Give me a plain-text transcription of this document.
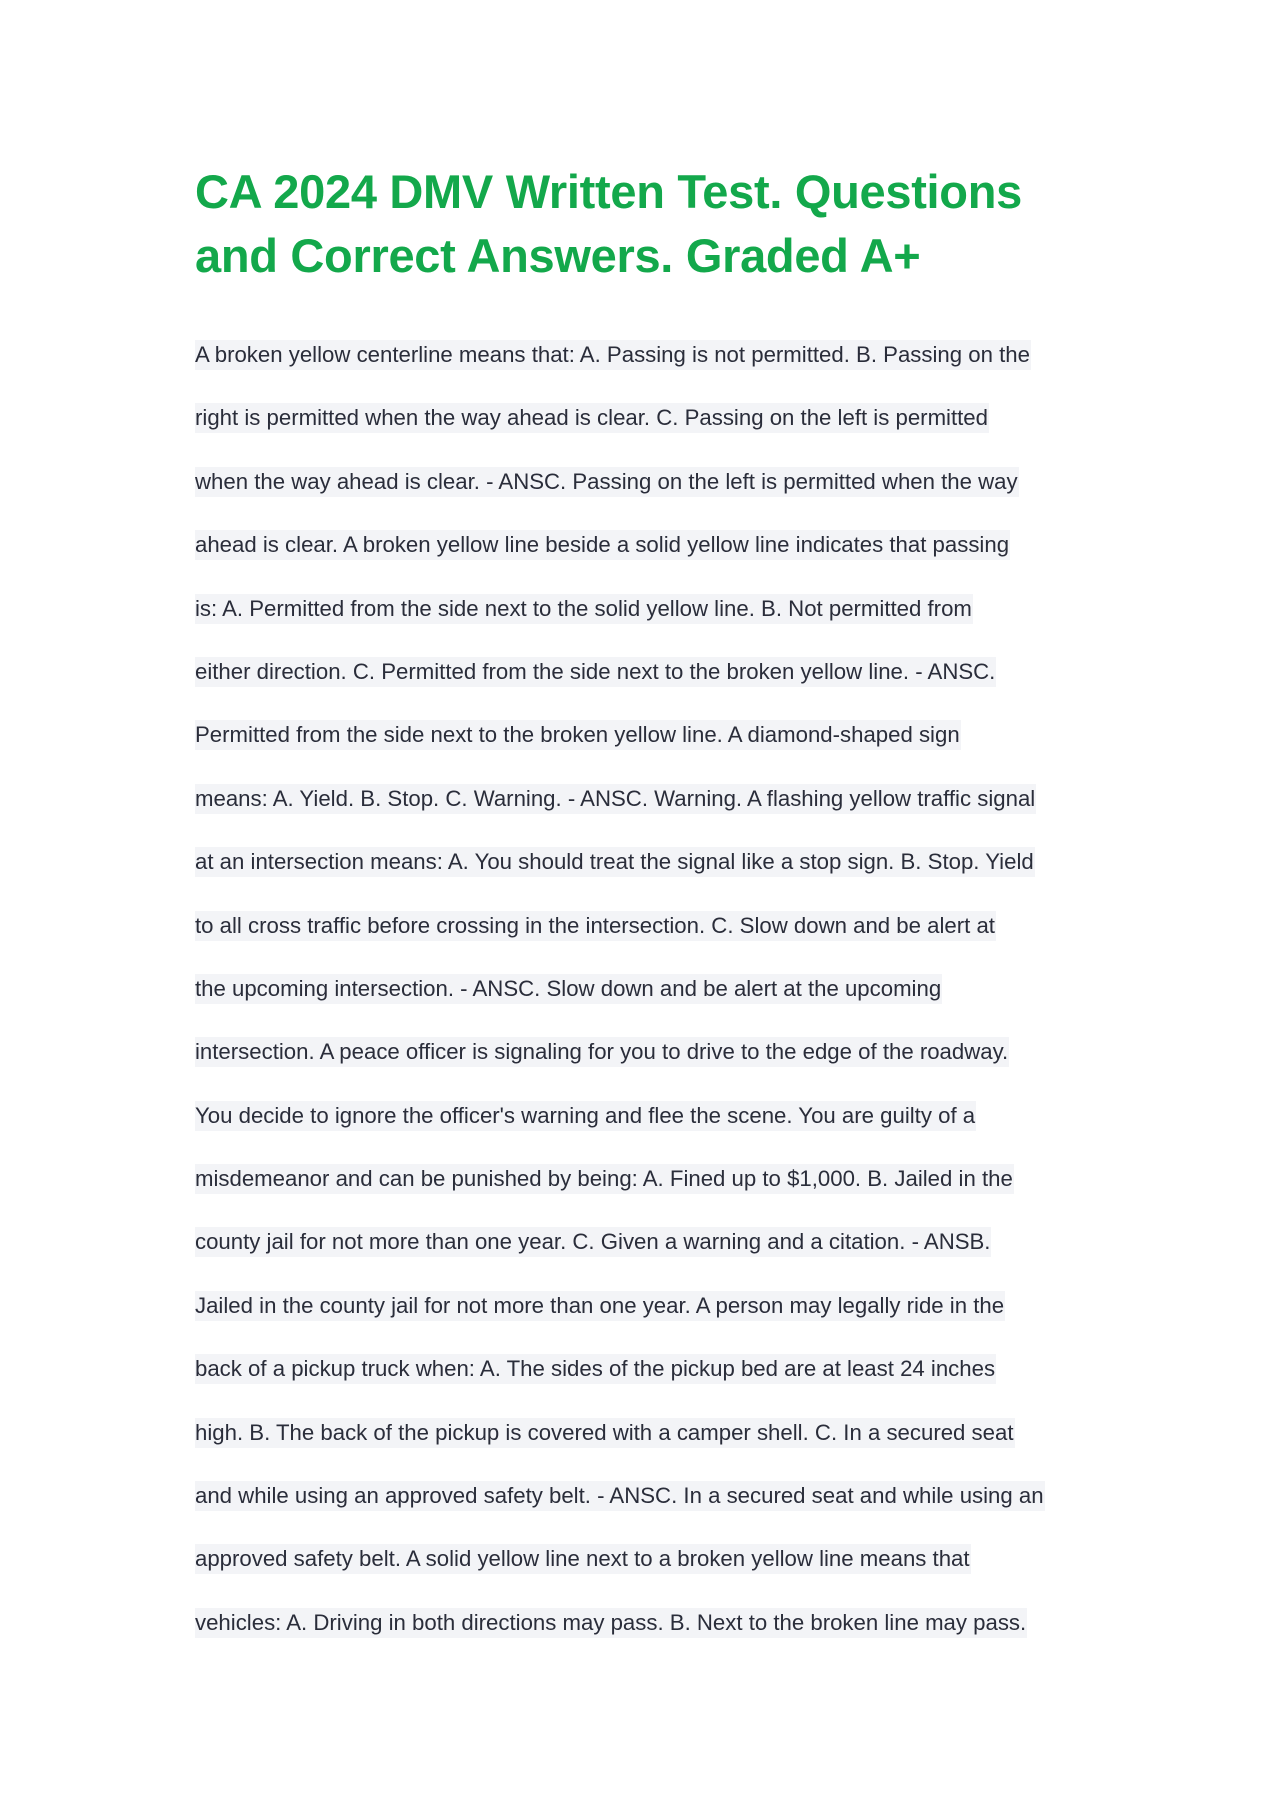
CA 2024 DMV Written Test. Questions
and Correct Answers. Graded A+
A broken yellow centerline means that: A. Passing is not permitted. B. Passing on the
right is permitted when the way ahead is clear. C. Passing on the left is permitted
when the way ahead is clear. - ANSC. Passing on the left is permitted when the way
ahead is clear. A broken yellow line beside a solid yellow line indicates that passing
is: A. Permitted from the side next to the solid yellow line. B. Not permitted from
either direction. C. Permitted from the side next to the broken yellow line. - ANSC.
Permitted from the side next to the broken yellow line. A diamond-shaped sign
means: A. Yield. B. Stop. C. Warning. - ANSC. Warning. A flashing yellow traffic signal
at an intersection means: A. You should treat the signal like a stop sign. B. Stop. Yield
to all cross traffic before crossing in the intersection. C. Slow down and be alert at
the upcoming intersection. - ANSC. Slow down and be alert at the upcoming
intersection. A peace officer is signaling for you to drive to the edge of the roadway.
You decide to ignore the officer's warning and flee the scene. You are guilty of a
misdemeanor and can be punished by being: A. Fined up to $1,000. B. Jailed in the
county jail for not more than one year. C. Given a warning and a citation. - ANSB.
Jailed in the county jail for not more than one year. A person may legally ride in the
back of a pickup truck when: A. The sides of the pickup bed are at least 24 inches
high. B. The back of the pickup is covered with a camper shell. C. In a secured seat
and while using an approved safety belt. - ANSC. In a secured seat and while using an
approved safety belt. A solid yellow line next to a broken yellow line means that
vehicles: A. Driving in both directions may pass. B. Next to the broken line may pass.
